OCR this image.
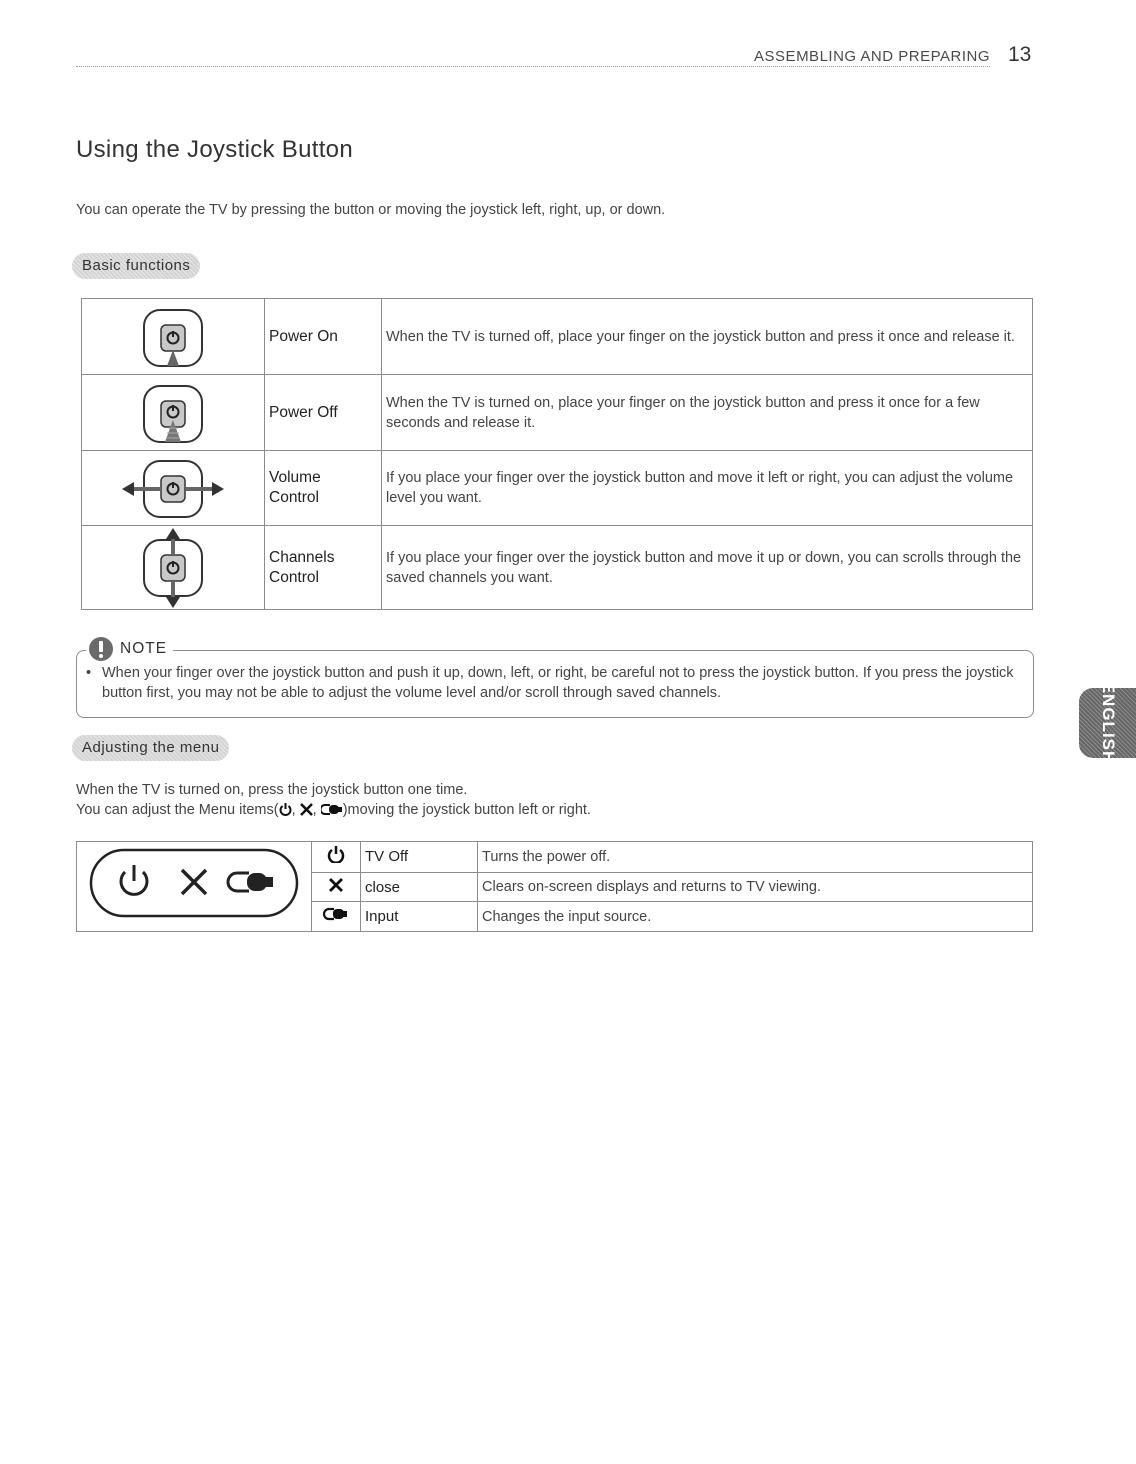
ASSEMBLING AND PREPARING 13
Using the Joystick Button

You can operate the TV by pressing the button or moving the joystick left, right, up, or down.

Basic functions
	Power On	When the TV is turned off, place your finger on the joystick button and press it once and release it.

	Power Off	When the TV is turned on, place your finger on the joystick button and press it once for a few seconds and release it.

Volume
Control	If you place your finger over the joystick button and move it left or right, you can adjust the volume level you want.

Channels
Control	If you place your finger over the joystick button and move it up or down, you can scrolls through the saved channels you want.
NOTE
• When your finger over the joystick button and push it up, down, left, or right, be careful not to press the joystick button. If you press the joystick button first, you may not be able to adjust the volume level and/or scroll through saved channels.
Adjusting the menu
When the TV is turned on, press the joystick button one time.
You can adjust the Menu items( , , )moving the joystick button left or right.
		TV Off	Turns the power off.
	close	Clears on-screen displays and returns to TV viewing.
	Input	Changes the input source.
ENGLISH
